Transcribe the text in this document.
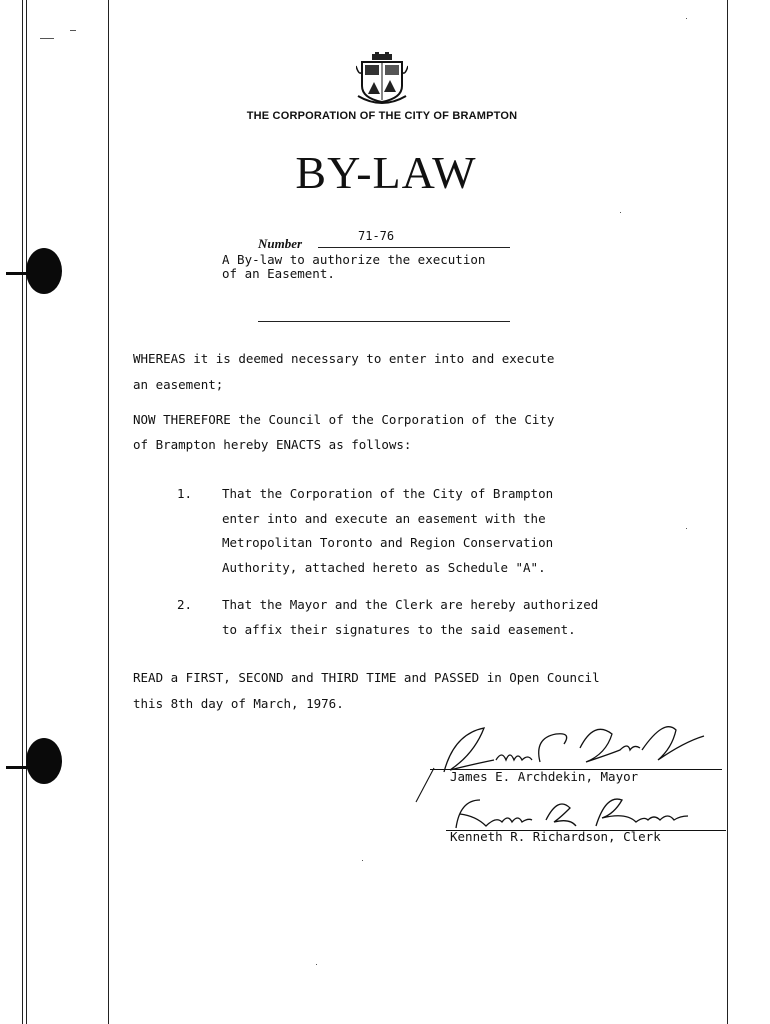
THE CORPORATION OF THE CITY OF BRAMPTON
BY-LAW
71-76
Number
A By-law to authorize the execution
of an Easement.
WHEREAS it is deemed necessary to enter into and execute
an easement;
NOW THEREFORE the Council of the Corporation of the City
of Brampton hereby ENACTS as follows:
1. That the Corporation of the City of Brampton
enter into and execute an easement with the
Metropolitan Toronto and Region Conservation
Authority, attached hereto as Schedule "A".
2. That the Mayor and the Clerk are hereby authorized
to affix their signatures to the said easement.
READ a FIRST, SECOND and THIRD TIME and PASSED in Open Council
this 8th day of March, 1976.
James E. Archdekin, Mayor
Kenneth R. Richardson, Clerk
